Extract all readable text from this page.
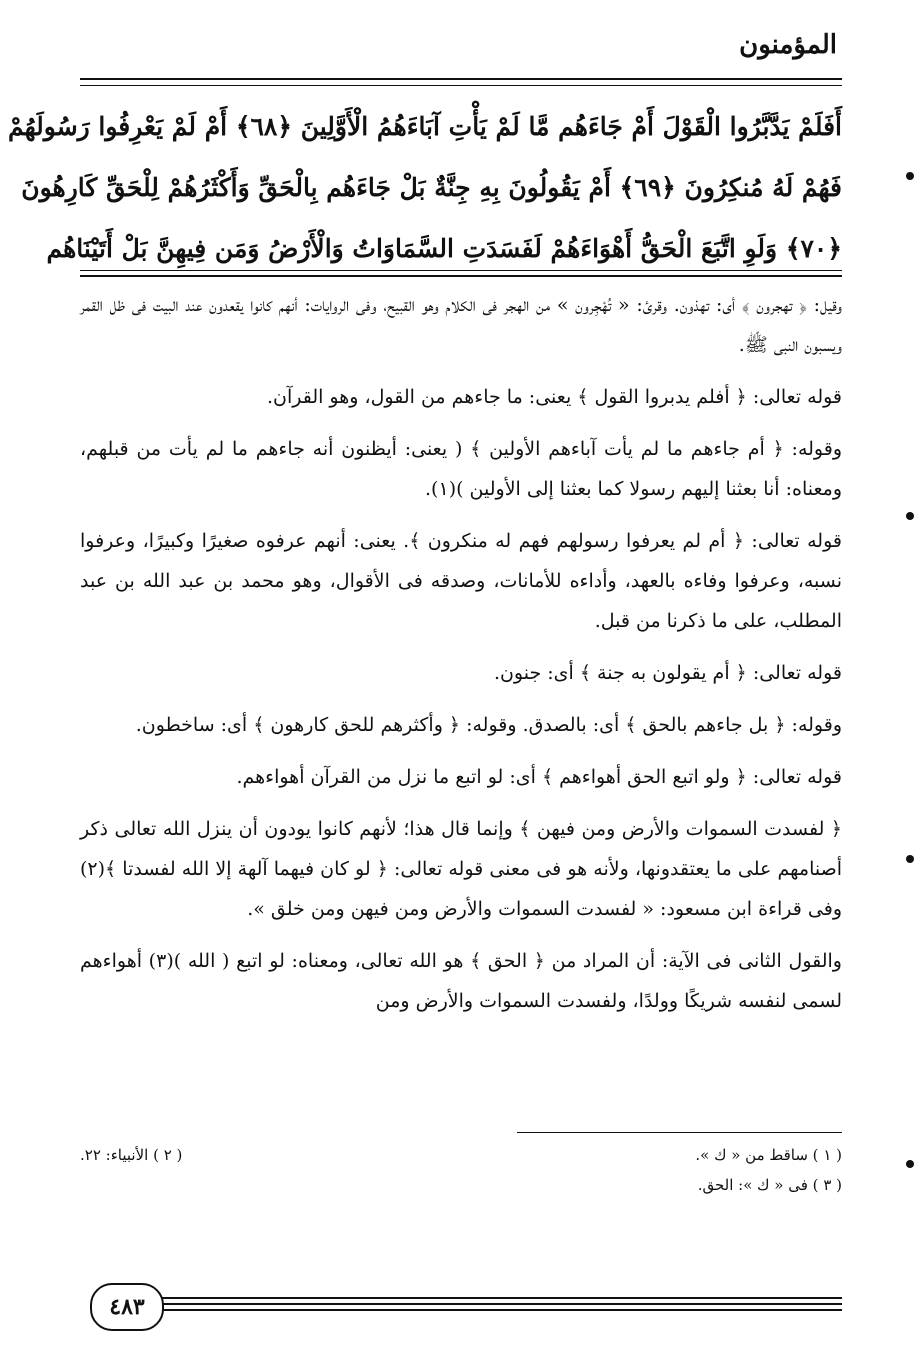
المؤمنون
أَفَلَمْ يَدَّبَّرُوا الْقَوْلَ أَمْ جَاءَهُم مَّا لَمْ يَأْتِ آبَاءَهُمُ الْأَوَّلِينَ ﴿٦٨﴾ أَمْ لَمْ يَعْرِفُوا رَسُولَهُمْ
فَهُمْ لَهُ مُنكِرُونَ ﴿٦٩﴾ أَمْ يَقُولُونَ بِهِ جِنَّةٌ بَلْ جَاءَهُم بِالْحَقِّ وَأَكْثَرُهُمْ لِلْحَقِّ كَارِهُونَ
﴿٧٠﴾ وَلَوِ اتَّبَعَ الْحَقُّ أَهْوَاءَهُمْ لَفَسَدَتِ السَّمَاوَاتُ وَالْأَرْضُ وَمَن فِيهِنَّ بَلْ أَتَيْنَاهُم

وقيل: ﴿ تهجرون ﴾ أى: تهذون. وقرئ: « تُهْجِرون » من الهجر فى الكلام وهو القبيح، وفى الروايات: أنهم كانوا يقعدون عند البيت فى ظل القمر ويسبون النبى ﷺ.

قوله تعالى: ﴿ أفلم يدبروا القول ﴾ يعنى: ما جاءهم من القول، وهو القرآن.

وقوله: ﴿ أم جاءهم ما لم يأت آباءهم الأولين ﴾ ( يعنى: أيظنون أنه جاءهم ما لم يأت من قبلهم، ومعناه: أنا بعثنا إليهم رسولا كما بعثنا إلى الأولين )(١).

قوله تعالى: ﴿ أم لم يعرفوا رسولهم فهم له منكرون ﴾. يعنى: أنهم عرفوه صغيرًا وكبيرًا، وعرفوا نسبه، وعرفوا وفاءه بالعهد، وأداءه للأمانات، وصدقه فى الأقوال، وهو محمد بن عبد الله بن عبد المطلب، على ما ذكرنا من قبل.

قوله تعالى: ﴿ أم يقولون به جنة ﴾ أى: جنون.

وقوله: ﴿ بل جاءهم بالحق ﴾ أى: بالصدق. وقوله: ﴿ وأكثرهم للحق كارهون ﴾ أى: ساخطون.

قوله تعالى: ﴿ ولو اتبع الحق أهواءهم ﴾ أى: لو اتبع ما نزل من القرآن أهواءهم.

﴿ لفسدت السموات والأرض ومن فيهن ﴾ وإنما قال هذا؛ لأنهم كانوا يودون أن ينزل الله تعالى ذكر أصنامهم على ما يعتقدونها، ولأنه هو فى معنى قوله تعالى: ﴿ لو كان فيهما آلهة إلا الله لفسدتا ﴾(٢) وفى قراءة ابن مسعود: « لفسدت السموات والأرض ومن فيهن ومن خلق ».

والقول الثانى فى الآية: أن المراد من ﴿ الحق ﴾ هو الله تعالى، ومعناه: لو اتبع ( الله )(٣) أهواءهم لسمى لنفسه شريكًا وولدًا، ولفسدت السموات والأرض ومن

( ١ ) ساقط من « ك ».
( ٢ ) الأنبياء: ٢٢.
( ٣ ) فى « ك »: الحق.
٤٨٣
